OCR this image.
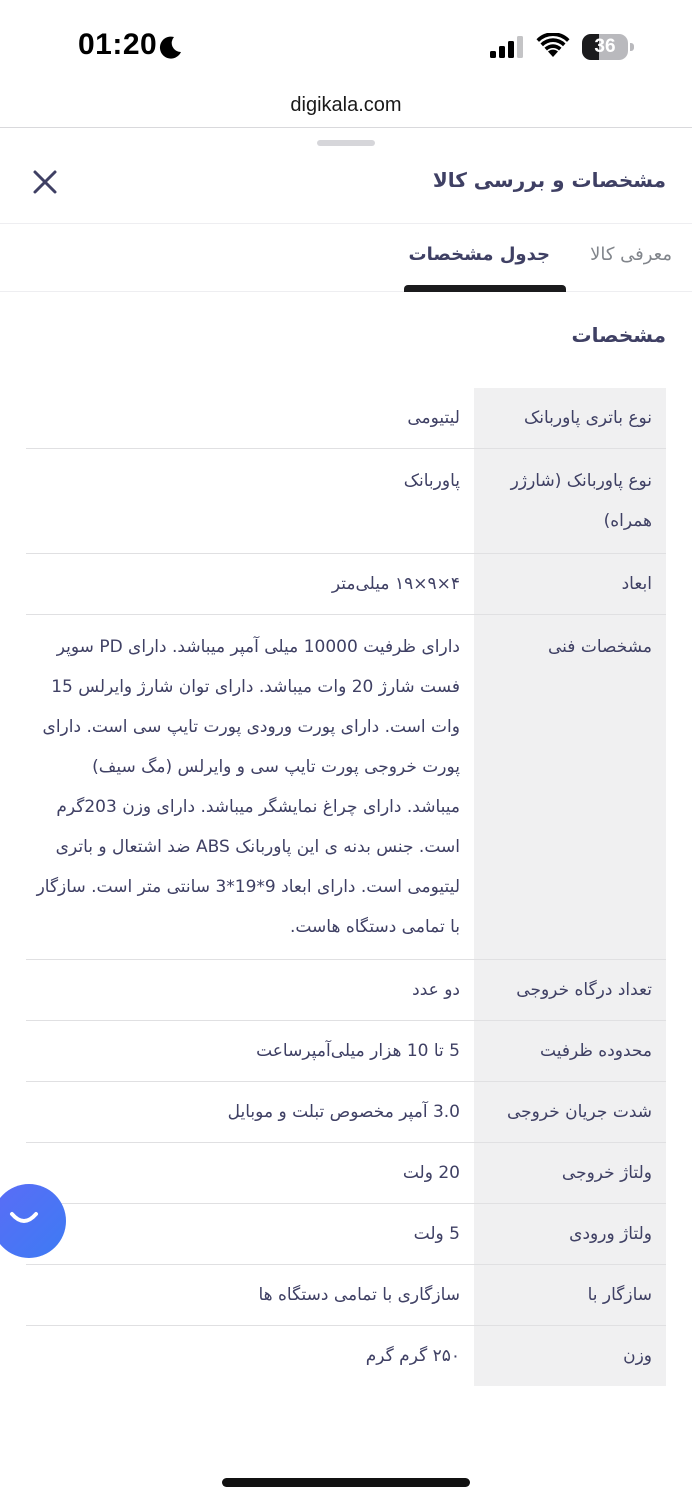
01:20	36
digikala.com
مشخصات و بررسی کالا
معرفی کالا
جدول مشخصات
مشخصات
نوع باتری پاوربانک
لیتیومی
نوع پاوربانک (شارژر همراه)
پاوربانک
ابعاد
۴×۹×۱۹ میلی‌متر
مشخصات فنی
دارای ظرفیت 10000 میلی آمپر میباشد. دارای PD سوپر فست شارژ 20 وات میباشد. دارای توان شارژ وایرلس 15 وات است. دارای پورت ورودی پورت تایپ سی است. دارای پورت خروجی پورت تایپ سی و وایرلس (مگ سیف) میباشد. دارای چراغ نمایشگر میباشد. دارای وزن 203گرم است. جنس بدنه ی این پاوربانک ABS ضد اشتعال و باتری لیتیومی است. دارای ابعاد 9*19*3 سانتی متر است. سازگار با تمامی دستگاه هاست.
تعداد درگاه خروجی
دو عدد
محدوده ظرفیت
5 تا 10 هزار میلی‌آمپرساعت
شدت جریان خروجی
3.0 آمپر مخصوص تبلت و موبایل
ولتاژ خروجی
20 ولت
ولتاژ ورودی
5 ولت
سازگار با
سازگاری با تمامی دستگاه ها
وزن
۲۵۰ گرم گرم
